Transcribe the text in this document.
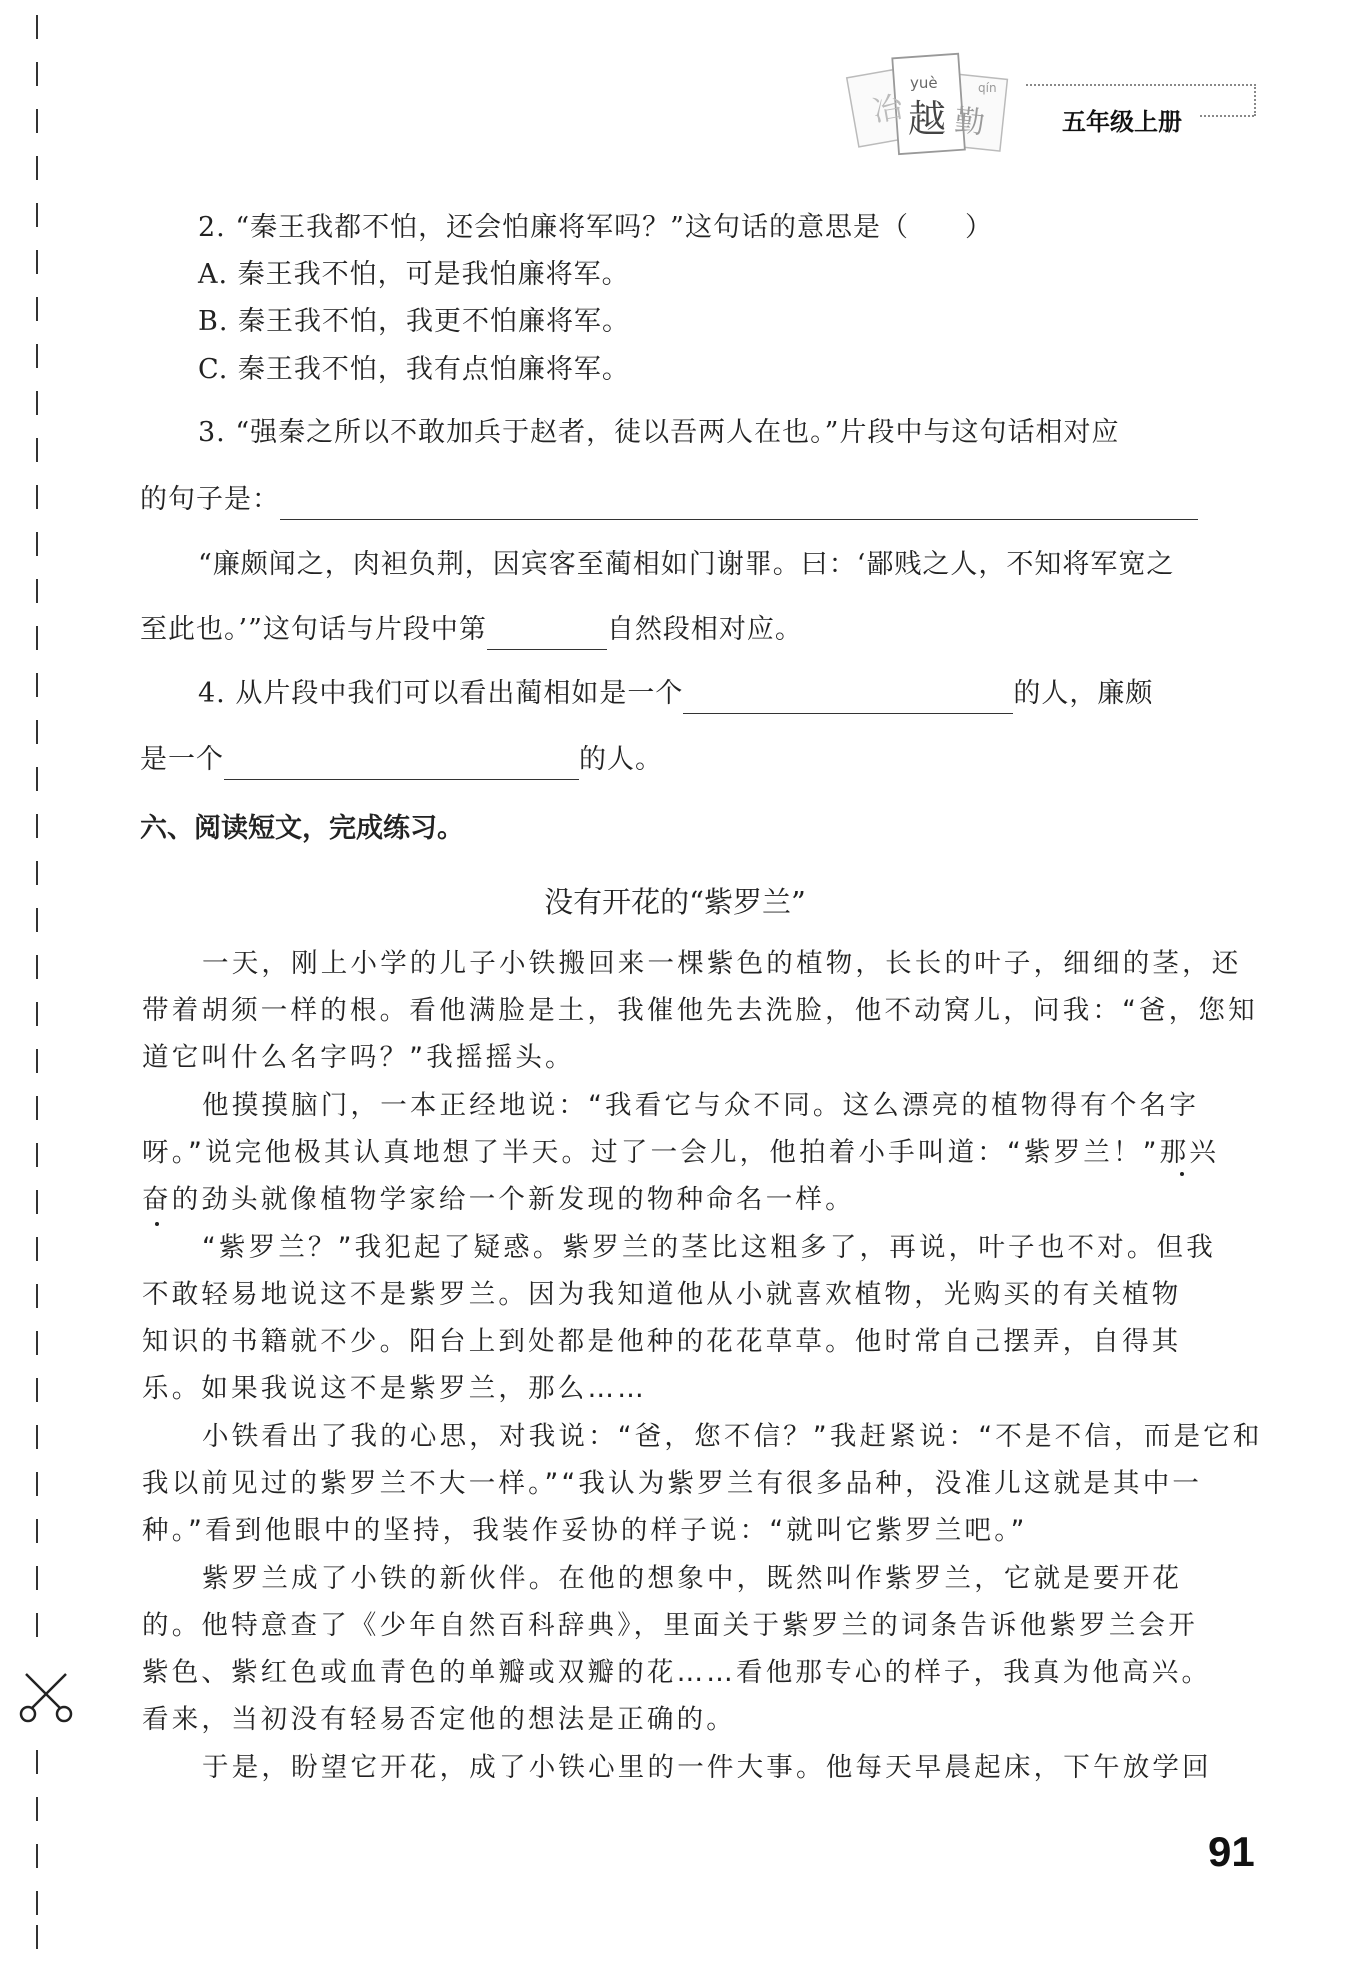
冶
yuè
越
qín
勤	五年级上册
2. “秦王我都不怕，还会怕廉将军吗？”这句话的意思是（　　）
A. 秦王我不怕，可是我怕廉将军。
B. 秦王我不怕，我更不怕廉将军。
C. 秦王我不怕，我有点怕廉将军。
3. “强秦之所以不敢加兵于赵者，徒以吾两人在也。”片段中与这句话相对应
的句子是：
“廉颇闻之，肉袒负荆，因宾客至蔺相如门谢罪。曰：‘鄙贱之人，不知将军宽之
至此也。’”这句话与片段中第	自然段相对应。
4. 从片段中我们可以看出蔺相如是一个	的人，廉颇
是一个	的人。
六、阅读短文，完成练习。
没有开花的“紫罗兰”
一天，刚上小学的儿子小铁搬回来一棵紫色的植物，长长的叶子，细细的茎，还
带着胡须一样的根。看他满脸是土，我催他先去洗脸，他不动窝儿，问我：“爸，您知
道它叫什么名字吗？”我摇摇头。
他摸摸脑门，一本正经地说：“我看它与众不同。这么漂亮的植物得有个名字
呀。”说完他极其认真地想了半天。过了一会儿，他拍着小手叫道：“紫罗兰！”那兴
奋的劲头就像植物学家给一个新发现的物种命名一样。
“紫罗兰？”我犯起了疑惑。紫罗兰的茎比这粗多了，再说，叶子也不对。但我
不敢轻易地说这不是紫罗兰。因为我知道他从小就喜欢植物，光购买的有关植物
知识的书籍就不少。阳台上到处都是他种的花花草草。他时常自己摆弄，自得其
乐。如果我说这不是紫罗兰，那么……
小铁看出了我的心思，对我说：“爸，您不信？”我赶紧说：“不是不信，而是它和
我以前见过的紫罗兰不大一样。”“我认为紫罗兰有很多品种，没准儿这就是其中一
种。”看到他眼中的坚持，我装作妥协的样子说：“就叫它紫罗兰吧。”
紫罗兰成了小铁的新伙伴。在他的想象中，既然叫作紫罗兰，它就是要开花
的。他特意查了《少年自然百科辞典》，里面关于紫罗兰的词条告诉他紫罗兰会开
紫色、紫红色或血青色的单瓣或双瓣的花……看他那专心的样子，我真为他高兴。
看来，当初没有轻易否定他的想法是正确的。
于是，盼望它开花，成了小铁心里的一件大事。他每天早晨起床，下午放学回
91
